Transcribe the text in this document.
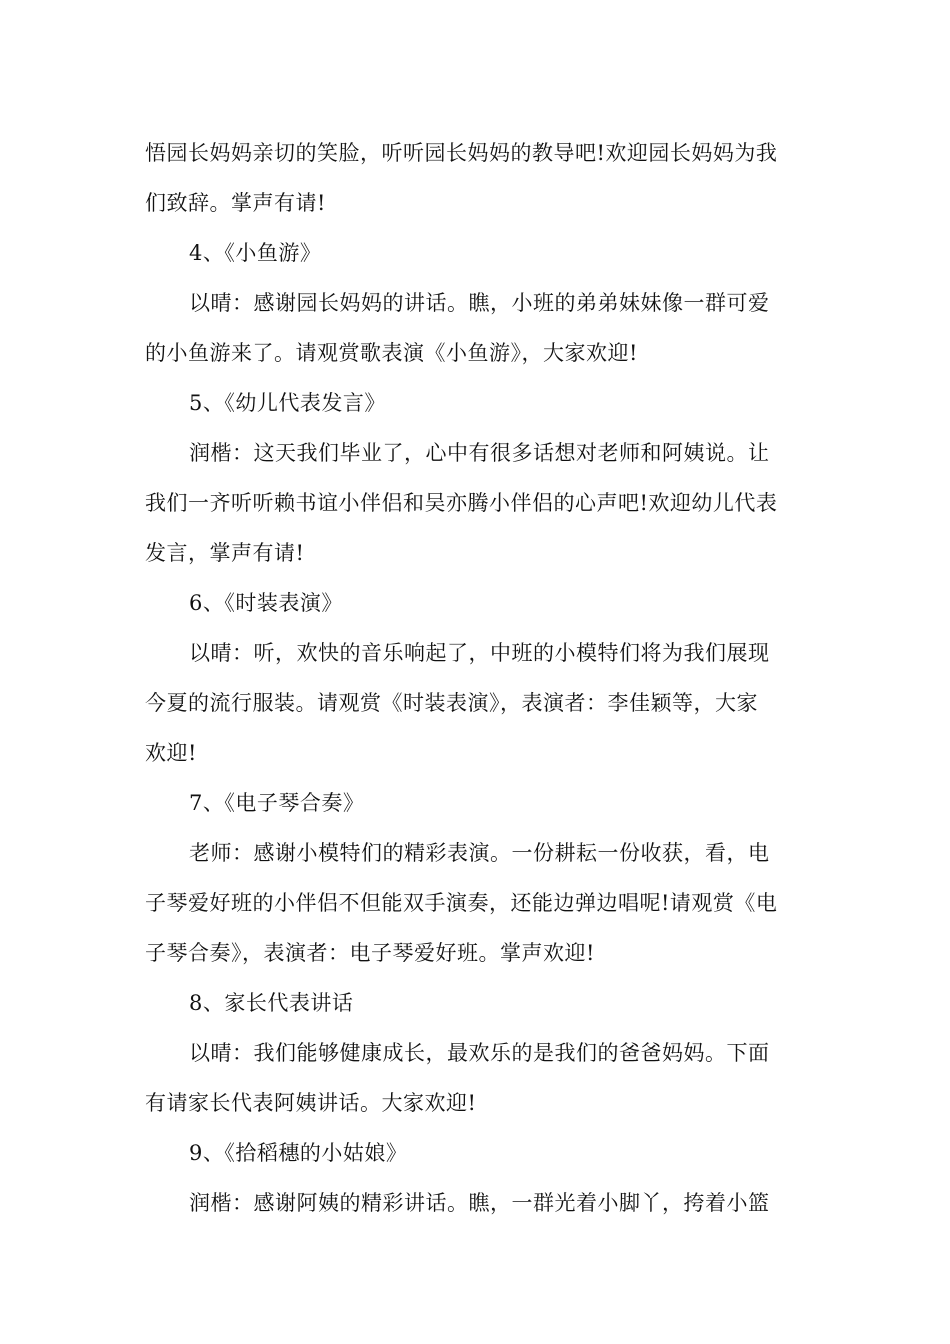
悟园长妈妈亲切的笑脸，听听园长妈妈的教导吧!欢迎园长妈妈为我
们致辞。掌声有请!
4、《小鱼游》
以晴：感谢园长妈妈的讲话。瞧，小班的弟弟妹妹像一群可爱
的小鱼游来了。请观赏歌表演《小鱼游》，大家欢迎!
5、《幼儿代表发言》
润楷：这天我们毕业了，心中有很多话想对老师和阿姨说。让
我们一齐听听赖书谊小伴侣和吴亦腾小伴侣的心声吧!欢迎幼儿代表
发言，掌声有请!
6、《时装表演》
以晴：听，欢快的音乐响起了，中班的小模特们将为我们展现
今夏的流行服装。请观赏《时装表演》，表演者：李佳颖等，大家
欢迎!
7、《电子琴合奏》
老师：感谢小模特们的精彩表演。一份耕耘一份收获，看，电
子琴爱好班的小伴侣不但能双手演奏，还能边弹边唱呢!请观赏《电
子琴合奏》，表演者：电子琴爱好班。掌声欢迎!
8、家长代表讲话
以晴：我们能够健康成长，最欢乐的是我们的爸爸妈妈。下面
有请家长代表阿姨讲话。大家欢迎!
9、《拾稻穗的小姑娘》
润楷：感谢阿姨的精彩讲话。瞧，一群光着小脚丫，挎着小篮
